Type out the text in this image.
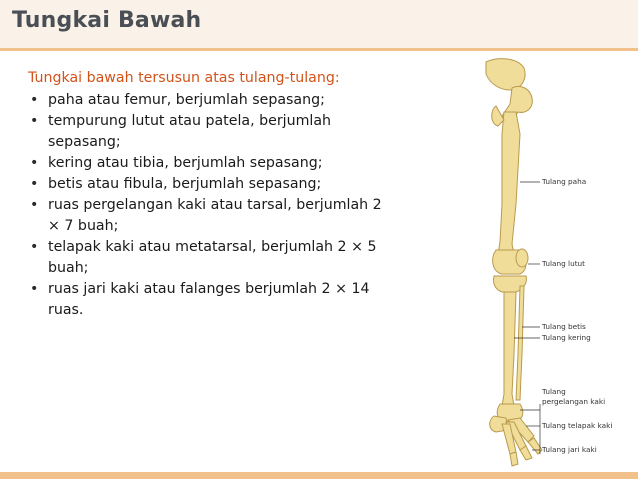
Tungkai Bawah

Tungkai bawah tersusun atas tulang-tulang:

• paha atau femur, berjumlah sepasang;
• tempurung lutut atau patela, berjumlah sepasang;
• kering atau tibia, berjumlah sepasang;
• betis atau fibula, berjumlah sepasang;
• ruas pergelangan kaki atau tarsal, berjumlah 2 × 7 buah;
• telapak kaki atau metatarsal, berjumlah 2 × 5 buah;
• ruas jari kaki atau falanges berjumlah 2 × 14 ruas.
Tulang paha
Tulang lutut
Tulang betis
Tulang kering
Tulang
pergelangan kaki
Tulang telapak kaki
Tulang jari kaki
